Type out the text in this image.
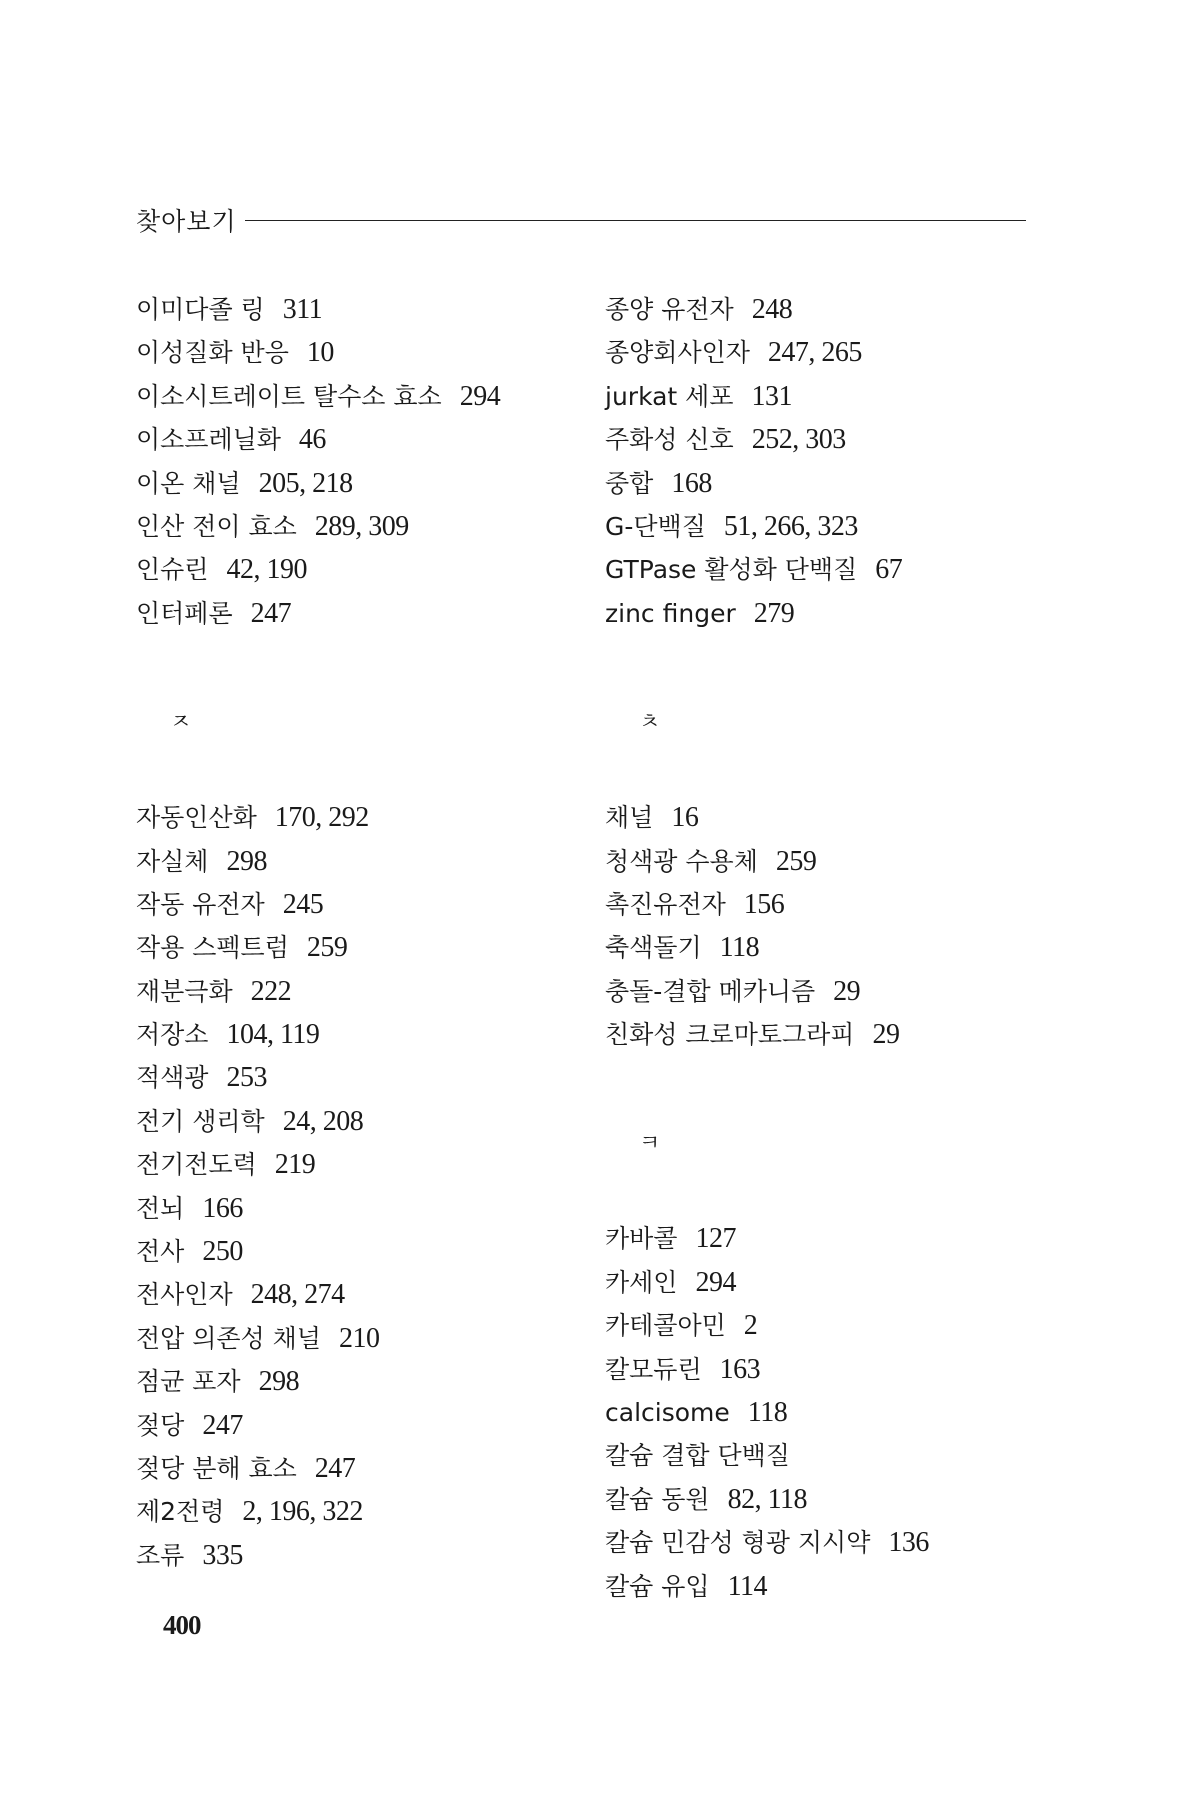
찾아보기
이미다졸 링 311
이성질화 반응 10
이소시트레이트 탈수소 효소 294
이소프레닐화 46
이온 채널 205, 218
인산 전이 효소 289, 309
인슈린 42, 190
인터페론 247
ㅈ
자동인산화 170, 292
자실체 298
작동 유전자 245
작용 스펙트럼 259
재분극화 222
저장소 104, 119
적색광 253
전기 생리학 24, 208
전기전도력 219
전뇌 166
전사 250
전사인자 248, 274
전압 의존성 채널 210
점균 포자 298
젖당 247
젖당 분해 효소 247
제2전령 2, 196, 322
조류 335
종양 유전자 248
종양회사인자 247, 265
jurkat 세포 131
주화성 신호 252, 303
중합 168
G-단백질 51, 266, 323
GTPase 활성화 단백질 67
zinc finger 279
ㅊ
채널 16
청색광 수용체 259
촉진유전자 156
축색돌기 118
충돌-결합 메카니즘 29
친화성 크로마토그라피 29
ㅋ
카바콜 127
카세인 294
카테콜아민 2
칼모듀린 163
calcisome 118
칼슘 결합 단백질
칼슘 동원 82, 118
칼슘 민감성 형광 지시약 136
칼슘 유입 114
400
